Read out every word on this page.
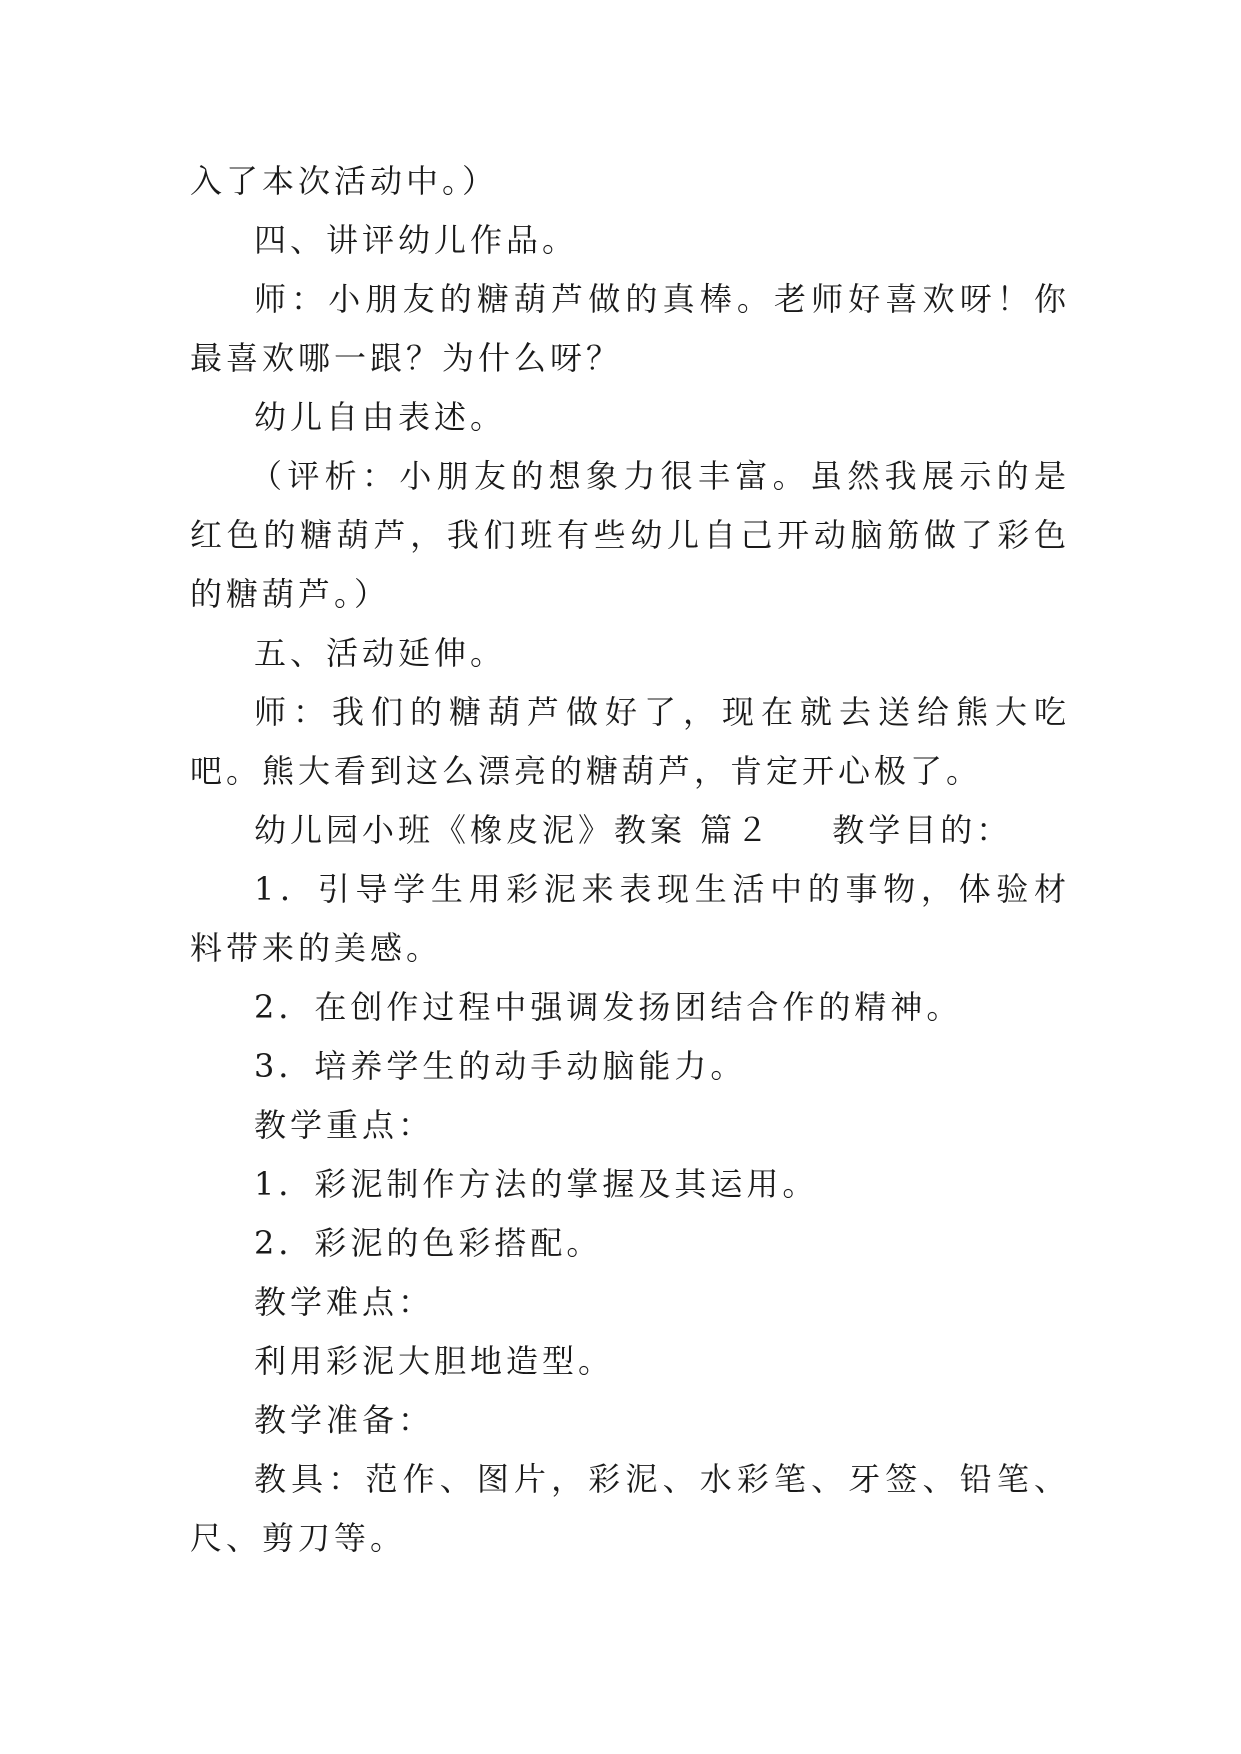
入了本次活动中。）

四、讲评幼儿作品。

师：小朋友的糖葫芦做的真棒。老师好喜欢呀！你最喜欢哪一跟？为什么呀？

幼儿自由表述。

（评析：小朋友的想象力很丰富。虽然我展示的是红色的糖葫芦，我们班有些幼儿自己开动脑筋做了彩色的糖葫芦。）

五、活动延伸。

师：我们的糖葫芦做好了，现在就去送给熊大吃吧。熊大看到这么漂亮的糖葫芦，肯定开心极了。

幼儿园小班《橡皮泥》教案 篇２ 教学目的：

1．引导学生用彩泥来表现生活中的事物，体验材料带来的美感。

2．在创作过程中强调发扬团结合作的精神。

3．培养学生的动手动脑能力。

教学重点：

1．彩泥制作方法的掌握及其运用。

2．彩泥的色彩搭配。

教学难点：

利用彩泥大胆地造型。

教学准备：

教具：范作、图片，彩泥、水彩笔、牙签、铅笔、尺、剪刀等。
